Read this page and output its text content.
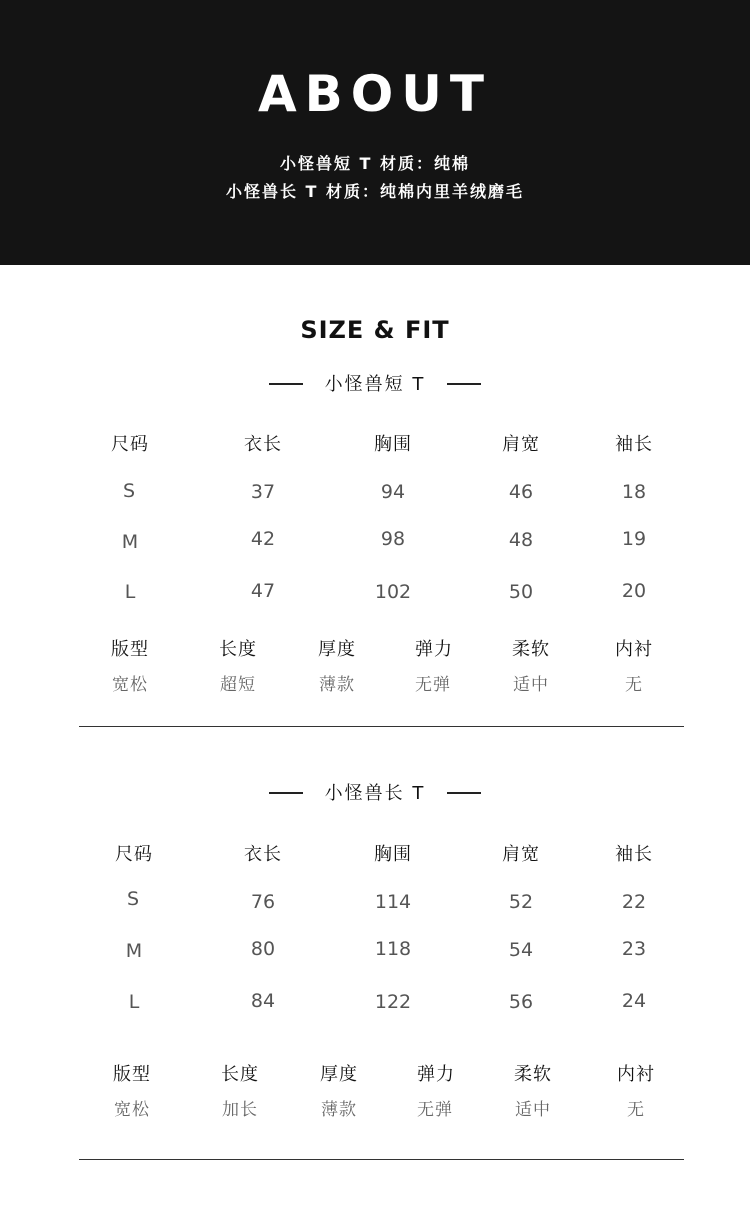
ABOUT
小怪兽短 T 材质：纯棉
小怪兽长 T 材质：纯棉内里羊绒磨毛
SIZE & FIT
小怪兽短 T
尺码	衣长	胸围	肩宽	袖长
S	37	94	46	18
M	42	98	48	19
L	47	102	50	20
版型	长度	厚度	弹力	柔软	内衬
宽松	超短	薄款	无弹	适中	无
小怪兽长 T
尺码	衣长	胸围	肩宽	袖长
S	76	114	52	22
M	80	118	54	23
L	84	122	56	24
版型	长度	厚度	弹力	柔软	内衬
宽松	加长	薄款	无弹	适中	无
